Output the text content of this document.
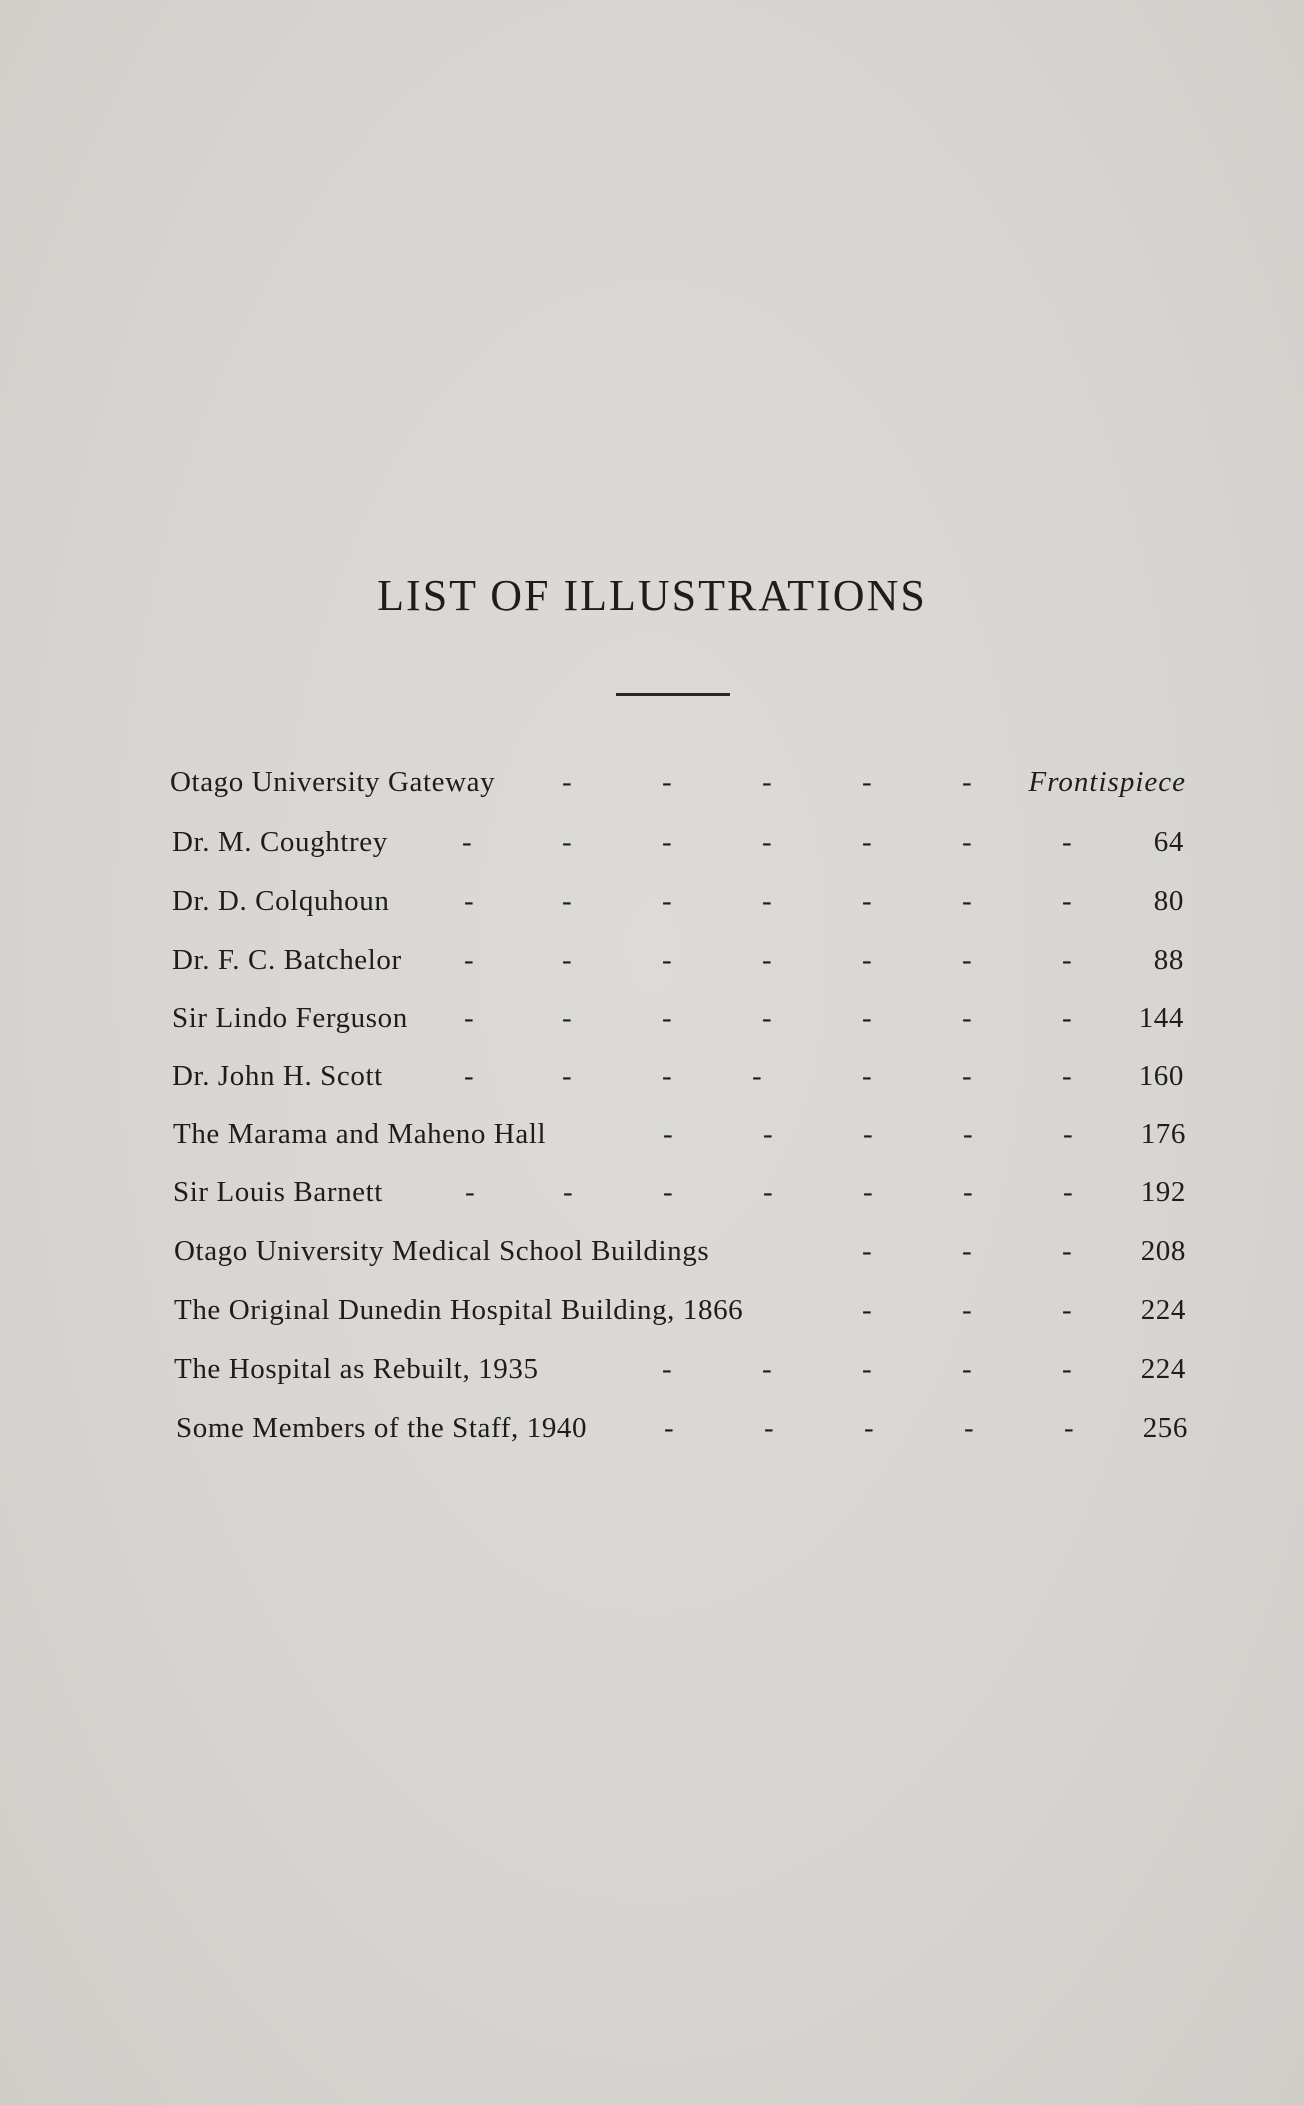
LIST OF ILLUSTRATIONS
Otago University Gateway -	-	-	-	- Frontispiece
Dr. M. Coughtrey	-	-	-	-	-	-	-	64
Dr. D. Colquhoun	-	-	-	-	-	-	-	80
Dr. F. C. Batchelor -	-	-	-	-	-	-	88
Sir Lindo Ferguson -	-	-	-	-	-	- 144
Dr. John H. Scott	-	-	-	-	-	-	- 160
The Marama and Maheno Hall	-	-	-	-	- 176
Sir Louis Barnett	-	-	-	-	-	-	- 192
Otago University Medical School Buildings	-	-	- 208
The Original Dunedin Hospital Building, 1866	-	-	- 224
The Hospital as Rebuilt, 1935	-	-	-	-	- 224
Some Members of the Staff, 1940	-	-	-	-	- 256
